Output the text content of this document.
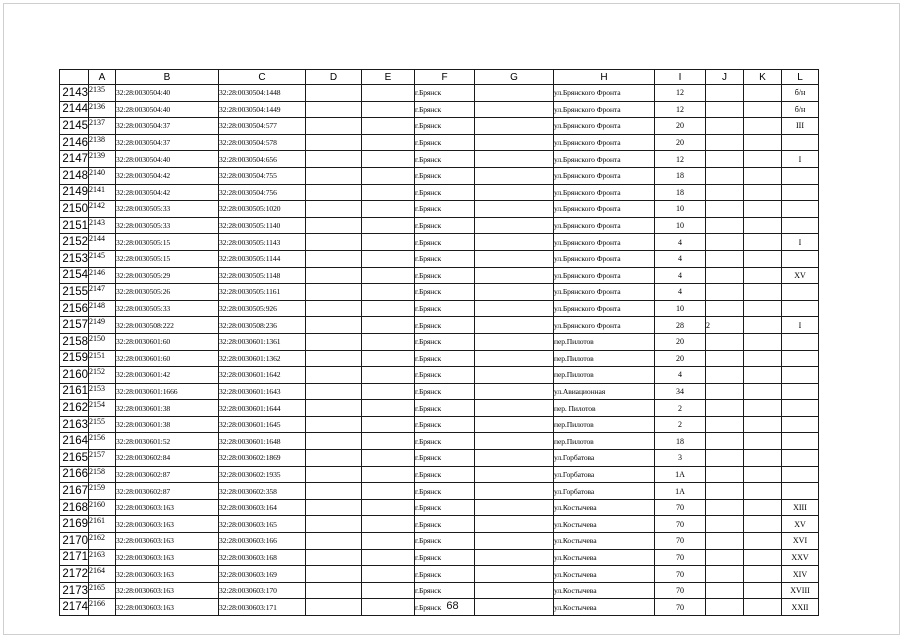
	A	B	C	D	E	F	G	H	I	J	K	L
2143	2135	32:28:0030504:40	32:28:0030504:1448			г.Брянск		ул.Брянского Фронта	12			б/н
2144	2136	32:28:0030504:40	32:28:0030504:1449			г.Брянск		ул.Брянского Фронта	12			б/н
2145	2137	32:28:0030504:37	32:28:0030504:577			г.Брянск		ул.Брянского Фронта	20			III
2146	2138	32:28:0030504:37	32:28:0030504:578			г.Брянск		ул.Брянского Фронта	20			
2147	2139	32:28:0030504:40	32:28:0030504:656			г.Брянск		ул.Брянского Фронта	12			I
2148	2140	32:28:0030504:42	32:28:0030504:755			г.Брянск		ул.Брянского Фронта	18			
2149	2141	32:28:0030504:42	32:28:0030504:756			г.Брянск		ул.Брянского Фронта	18			
2150	2142	32:28:0030505:33	32:28:0030505:1020			г.Брянск		ул.Брянского Фронта	10			
2151	2143	32:28:0030505:33	32:28:0030505:1140			г.Брянск		ул.Брянского Фронта	10			
2152	2144	32:28:0030505:15	32:28:0030505:1143			г.Брянск		ул.Брянского Фронта	4			I
2153	2145	32:28:0030505:15	32:28:0030505:1144			г.Брянск		ул.Брянского Фронта	4			
2154	2146	32:28:0030505:29	32:28:0030505:1148			г.Брянск		ул.Брянского Фронта	4			XV
2155	2147	32:28:0030505:26	32:28:0030505:1161			г.Брянск		ул.Брянского Фронта	4			
2156	2148	32:28:0030505:33	32:28:0030505:926			г.Брянск		ул.Брянского Фронта	10			
2157	2149	32:28:0030508:222	32:28:0030508:236			г.Брянск		ул.Брянского Фронта	28	2		I
2158	2150	32:28:0030601:60	32:28:0030601:1361			г.Брянск		пер.Пилотов	20			
2159	2151	32:28:0030601:60	32:28:0030601:1362			г.Брянск		пер.Пилотов	20			
2160	2152	32:28:0030601:42	32:28:0030601:1642			г.Брянск		пер.Пилотов	4			
2161	2153	32:28:0030601:1666	32:28:0030601:1643			г.Брянск		ул.Авиационная	34			
2162	2154	32:28:0030601:38	32:28:0030601:1644			г.Брянск		пер. Пилотов	2			
2163	2155	32:28:0030601:38	32:28:0030601:1645			г.Брянск		пер.Пилотов	2			
2164	2156	32:28:0030601:52	32:28:0030601:1648			г.Брянск		пер.Пилотов	18			
2165	2157	32:28:0030602:84	32:28:0030602:1869			г.Брянск		ул.Горбатова	3			
2166	2158	32:28:0030602:87	32:28:0030602:1935			г.Брянск		ул.Горбатова	1А			
2167	2159	32:28:0030602:87	32:28:0030602:358			г.Брянск		ул.Горбатова	1А			
2168	2160	32:28:0030603:163	32:28:0030603:164			г.Брянск		ул.Костычева	70			XIII
2169	2161	32:28:0030603:163	32:28:0030603:165			г.Брянск		ул.Костычева	70			XV
2170	2162	32:28:0030603:163	32:28:0030603:166			г.Брянск		ул.Костычева	70			XVI
2171	2163	32:28:0030603:163	32:28:0030603:168			г.Брянск		ул.Костычева	70			XXV
2172	2164	32:28:0030603:163	32:28:0030603:169			г.Брянск		ул.Костычева	70			XIV
2173	2165	32:28:0030603:163	32:28:0030603:170			г.Брянск		ул.Костычева	70			XVIII
2174	2166	32:28:0030603:163	32:28:0030603:171			г.Брянск		ул.Костычева	70			XXII
68
